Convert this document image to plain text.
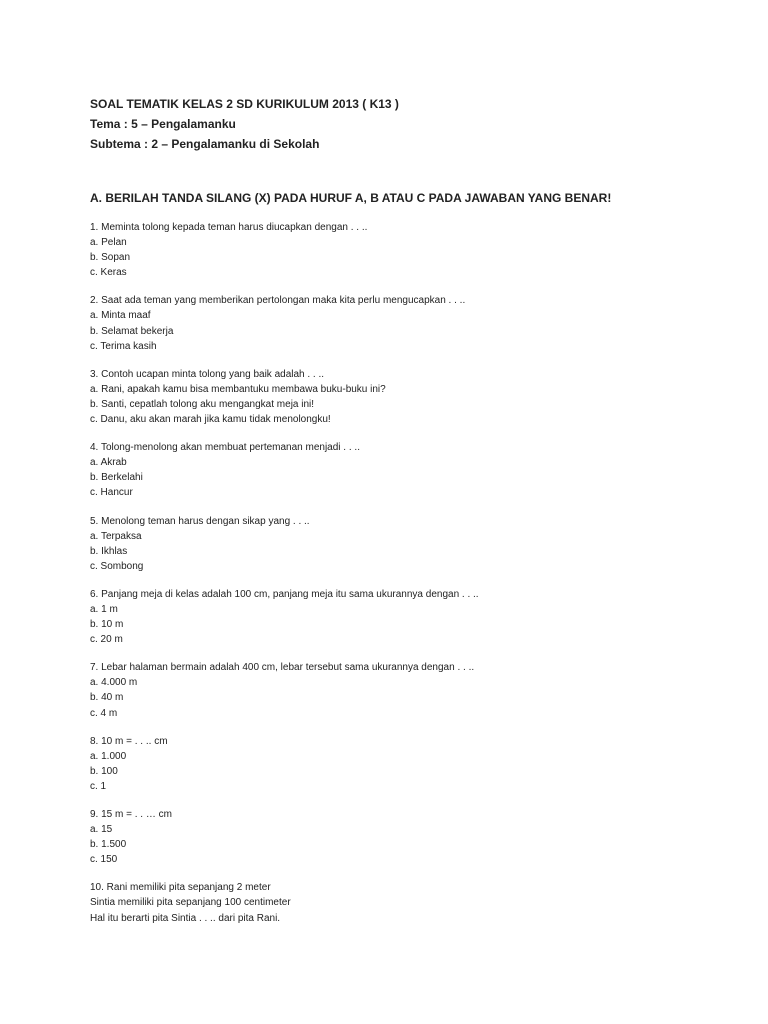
SOAL TEMATIK KELAS 2 SD KURIKULUM 2013 ( K13 )

Tema : 5 – Pengalamanku

Subtema : 2 – Pengalamanku di Sekolah

A. BERILAH TANDA SILANG (X) PADA HURUF A, B ATAU C PADA JAWABAN YANG BENAR!

1. Meminta tolong kepada teman harus diucapkan dengan . . ..

a. Pelan

b. Sopan

c. Keras

2. Saat ada teman yang memberikan pertolongan maka kita perlu mengucapkan . . ..

a. Minta maaf

b. Selamat bekerja

c. Terima kasih

3. Contoh ucapan minta tolong yang baik adalah . . ..

a. Rani, apakah kamu bisa membantuku membawa buku-buku ini?

b. Santi, cepatlah tolong aku mengangkat meja ini!

c. Danu, aku akan marah jika kamu tidak menolongku!

4. Tolong-menolong akan membuat pertemanan menjadi . . ..

a. Akrab

b. Berkelahi

c. Hancur

5. Menolong teman harus dengan sikap yang . . ..

a. Terpaksa

b. Ikhlas

c. Sombong

6. Panjang meja di kelas adalah 100 cm, panjang meja itu sama ukurannya dengan . . ..

a. 1 m

b. 10 m

c. 20 m

7. Lebar halaman bermain adalah 400 cm, lebar tersebut sama ukurannya dengan . . ..

a. 4.000 m

b. 40 m

c. 4 m

8. 10 m = . . .. cm

a. 1.000

b. 100

c. 1

9. 15 m = . . … cm

a. 15

b. 1.500

c. 150

10. Rani memiliki pita sepanjang 2 meter

Sintia memiliki pita sepanjang 100 centimeter

Hal itu berarti pita Sintia . . .. dari pita Rani.
